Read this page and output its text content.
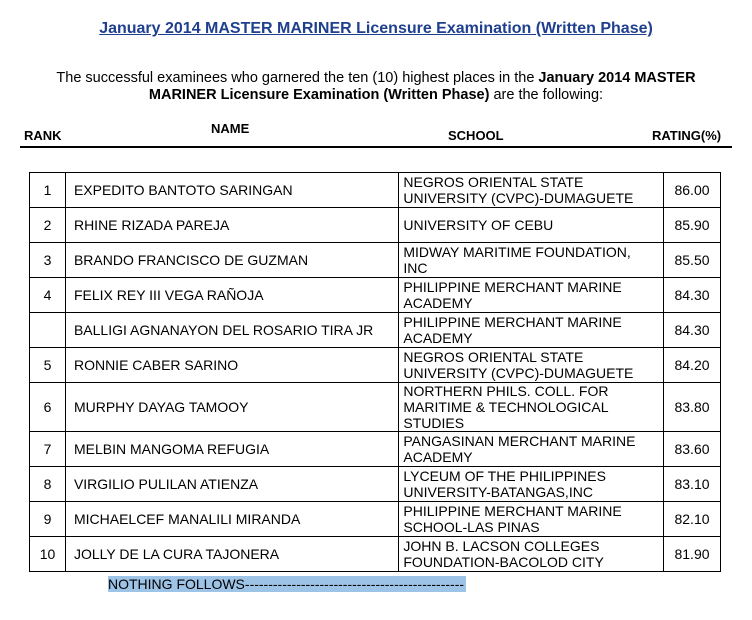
January 2014 MASTER MARINER Licensure Examination (Written Phase)

The successful examinees who garnered the ten (10) highest places in the January 2014 MASTER MARINER Licensure Examination (Written Phase) are the following:

RANK	NAME	SCHOOL	RATING(%)
1	EXPEDITO BANTOTO SARINGAN	NEGROS ORIENTAL STATE
UNIVERSITY (CVPC)-DUMAGUETE	86.00
2	RHINE RIZADA PAREJA	UNIVERSITY OF CEBU	85.90
3	BRANDO FRANCISCO DE GUZMAN	MIDWAY MARITIME FOUNDATION,
INC	85.50
4	FELIX REY III VEGA RAÑOJA	PHILIPPINE MERCHANT MARINE
ACADEMY	84.30
	BALLIGI AGNANAYON DEL ROSARIO TIRA JR	PHILIPPINE MERCHANT MARINE
ACADEMY	84.30
5	RONNIE CABER SARINO	NEGROS ORIENTAL STATE
UNIVERSITY (CVPC)-DUMAGUETE	84.20
6	MURPHY DAYAG TAMOOY	NORTHERN PHILS. COLL. FOR
MARITIME & TECHNOLOGICAL
STUDIES	83.80
7	MELBIN MANGOMA REFUGIA	PANGASINAN MERCHANT MARINE
ACADEMY	83.60
8	VIRGILIO PULILAN ATIENZA	LYCEUM OF THE PHILIPPINES
UNIVERSITY-BATANGAS,INC	83.10
9	MICHAELCEF MANALILI MIRANDA	PHILIPPINE MERCHANT MARINE
SCHOOL-LAS PINAS	82.10
10	JOLLY DE LA CURA TAJONERA	JOHN B. LACSON COLLEGES
FOUNDATION-BACOLOD CITY	81.90
NOTHING FOLLOWS-----------------------------------------------
